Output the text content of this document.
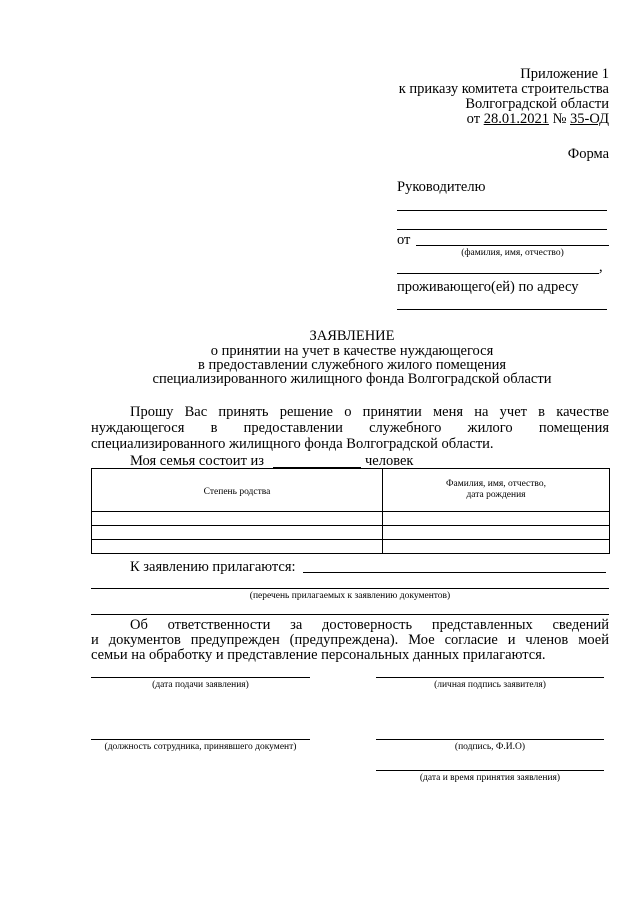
Приложение 1
к приказу комитета строительства
Волгоградской области
от 28.01.2021 № 35-ОД
Форма
Руководителю
от
(фамилия, имя, отчество)
,
проживающего(ей) по адресу
ЗАЯВЛЕНИЕ
о принятии на учет в качестве нуждающегося
в предоставлении служебного жилого помещения
специализированного жилищного фонда Волгоградской области
Прошу Вас принять решение о принятии меня на учет в качестве
нуждающегося в предоставлении служебного жилого помещения
специализированного жилищного фонда Волгоградской области.
Моя семья состоит из	человек
Степень родства	Фамилия, имя, отчество,
дата рождения

К заявлению прилагаются:
(перечень прилагаемых к заявлению документов)
Об ответственности за достоверность представленных сведений
и документов предупрежден (предупреждена). Мое согласие и членов моей
семьи на обработку и представление персональных данных прилагаются.
(дата подачи заявления)	(личная подпись заявителя)
(должность сотрудника, принявшего документ)	(подпись, Ф.И.О)
(дата и время принятия заявления)
